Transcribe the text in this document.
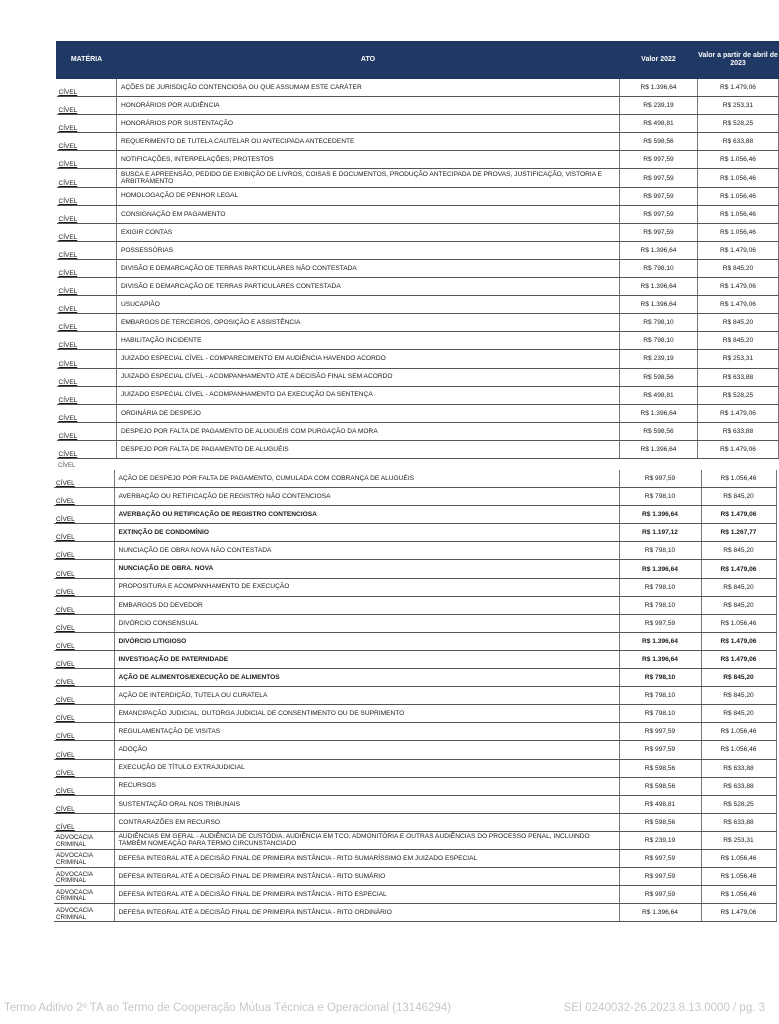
MATÉRIA	ATO	Valor 2022	Valor a partir de abril de 2023
CÍVEL	AÇÕES DE JURISDIÇÃO CONTENCIOSA OU QUE ASSUMAM ESTE CARÁTER	R$ 1.396,64	R$ 1.479,06
CÍVEL	HONORÁRIOS POR AUDIÊNCIA	R$ 239,19	R$ 253,31
CÍVEL	HONORÁRIOS POR SUSTENTAÇÃO	R$ 498,81	R$ 528,25
CÍVEL	REQUERIMENTO DE TUTELA CAUTELAR OU ANTECIPADA ANTECEDENTE	R$ 598,56	R$ 633,88
CÍVEL	NOTIFICAÇÕES, INTERPELAÇÕES, PROTESTOS	R$ 997,59	R$ 1.056,46
CÍVEL	BUSCA E APREENSÃO, PEDIDO DE EXIBIÇÃO DE LIVROS, COISAS E DOCUMENTOS, PRODUÇÃO ANTECIPADA DE PROVAS, JUSTIFICAÇÃO, VISTORIA E ARBITRAMENTO	R$ 997,59	R$ 1.056,46
CÍVEL	HOMOLOGAÇÃO DE PENHOR LEGAL	R$ 997,59	R$ 1.056,46
CÍVEL	CONSIGNAÇÃO EM PAGAMENTO	R$ 997,59	R$ 1.056,46
CÍVEL	EXIGIR CONTAS	R$ 997,59	R$ 1.056,46
CÍVEL	POSSESSÓRIAS	R$ 1.396,64	R$ 1.479,06
CÍVEL	DIVISÃO E DEMARCAÇÃO DE TERRAS PARTICULARES NÃO CONTESTADA	R$ 798,10	R$ 845,20
CÍVEL	DIVISÃO E DEMARCAÇÃO DE TERRAS PARTICULARES CONTESTADA	R$ 1.396,64	R$ 1.479,06
CÍVEL	USUCAPIÃO	R$ 1.396,64	R$ 1.479,06
CÍVEL	EMBARGOS DE TERCEIROS, OPOSIÇÃO E ASSISTÊNCIA	R$ 798,10	R$ 845,20
CÍVEL	HABILITAÇÃO INCIDENTE	R$ 798,10	R$ 845,20
CÍVEL	JUIZADO ESPECIAL CÍVEL - COMPARECIMENTO EM AUDIÊNCIA HAVENDO ACORDO	R$ 239,19	R$ 253,31
CÍVEL	JUIZADO ESPECIAL CÍVEL - ACOMPANHAMENTO ATÉ A DECISÃO FINAL SEM ACORDO	R$ 598,56	R$ 633,88
CÍVEL	JUIZADO ESPECIAL CÍVEL - ACOMPANHAMENTO DA EXECUÇÃO DA SENTENÇA	R$ 498,81	R$ 528,25
CÍVEL	ORDINÁRIA DE DESPEJO	R$ 1.396,64	R$ 1.479,06
CÍVEL	DESPEJO POR FALTA DE PAGAMENTO DE ALUGUÉIS COM PURGAÇÃO DA MORA	R$ 598,56	R$ 633,88
CÍVEL	DESPEJO POR FALTA DE PAGAMENTO DE ALUGUÉIS	R$ 1.396,64	R$ 1.479,06
CÍVEL
CÍVEL	AÇÃO DE DESPEJO POR FALTA DE PAGAMENTO, CUMULADA COM COBRANÇA DE ALUGUÉIS	R$ 997,59	R$ 1.056,46
CÍVEL	AVERBAÇÃO OU RETIFICAÇÃO DE REGISTRO NÃO CONTENCIOSA	R$ 798,10	R$ 845,20
CÍVEL	AVERBAÇÃO OU RETIFICAÇÃO DE REGISTRO CONTENCIOSA	R$ 1.396,64	R$ 1.479,06
CÍVEL	EXTINÇÃO DE CONDOMÍNIO	R$ 1.197,12	R$ 1.267,77
CÍVEL	NUNCIAÇÃO DE OBRA NOVA NÃO CONTESTADA	R$ 798,10	R$ 845,20
CÍVEL	NUNCIAÇÃO DE OBRA. NOVA	R$ 1.396,64	R$ 1.479,06
CÍVEL	PROPOSITURA E ACOMPANHAMENTO DE EXECUÇÃO	R$ 798,10	R$ 845,20
CÍVEL	EMBARGOS DO DEVEDOR	R$ 798,10	R$ 845,20
CÍVEL	DIVÓRCIO CONSENSUAL	R$ 997,59	R$ 1.056,46
CÍVEL	DIVÓRCIO LITIGIOSO	R$ 1.396,64	R$ 1.479,06
CÍVEL	INVESTIGAÇÃO DE PATERNIDADE	R$ 1.396,64	R$ 1.479,06
CÍVEL	AÇÃO DE ALIMENTOS/EXECUÇÃO DE ALIMENTOS	R$ 798,10	R$ 845,20
CÍVEL	AÇÃO DE INTERDIÇÃO, TUTELA OU CURATELA	R$ 798,10	R$ 845,20
CÍVEL	EMANCIPAÇÃO JUDICIAL, OUTORGA JUDICIAL DE CONSENTIMENTO OU DE SUPRIMENTO	R$ 798,10	R$ 845,20
CÍVEL	REGULAMENTAÇÃO DE VISITAS	R$ 997,59	R$ 1.056,46
CÍVEL	ADOÇÃO	R$ 997,59	R$ 1.056,46
CÍVEL	EXECUÇÃO DE TÍTULO EXTRAJUDICIAL	R$ 598,56	R$ 633,88
CÍVEL	RECURSOS	R$ 598,56	R$ 633,88
CÍVEL	SUSTENTAÇÃO ORAL NOS TRIBUNAIS	R$ 498,81	R$ 528,25
CÍVEL	CONTRARAZÕES EM RECURSO	R$ 598,56	R$ 633,88
ADVOCACIA CRIMINAL	AUDIÊNCIAS EM GERAL - AUDIÊNCIA DE CUSTÓDIA, AUDIÊNCIA EM TCO, ADMONITÓRIA E OUTRAS AUDIÊNCIAS DO PROCESSO PENAL, INCLUINDO TAMBÉM NOMEAÇÃO PARA TERMO CIRCUNSTANCIADO	R$ 239,19	R$ 253,31
ADVOCACIA CRIMINAL	DEFESA INTEGRAL ATÉ A DECISÃO FINAL DE PRIMEIRA INSTÂNCIA - RITO SUMARÍSSIMO EM JUIZADO ESPECIAL	R$ 997,59	R$ 1.056,46
ADVOCACIA CRIMINAL	DEFESA INTEGRAL ATÉ A DECISÃO FINAL DE PRIMEIRA INSTÂNCIA - RITO SUMÁRIO	R$ 997,59	R$ 1.056,46
ADVOCACIA CRIMINAL	DEFESA INTEGRAL ATÉ A DECISÃO FINAL DE PRIMEIRA INSTÂNCIA - RITO ESPECIAL	R$ 997,59	R$ 1.056,46
ADVOCACIA CRIMINAL	DEFESA INTEGRAL ATÉ A DECISÃO FINAL DE PRIMEIRA INSTÂNCIA - RITO ORDINÁRIO	R$ 1.396,64	R$ 1.479,06
Termo Aditivo 2º TA ao Termo de Cooperação Mútua Técnica e Operacional (13146294)	SEI 0240032-26.2023.8.13.0000 / pg. 3
